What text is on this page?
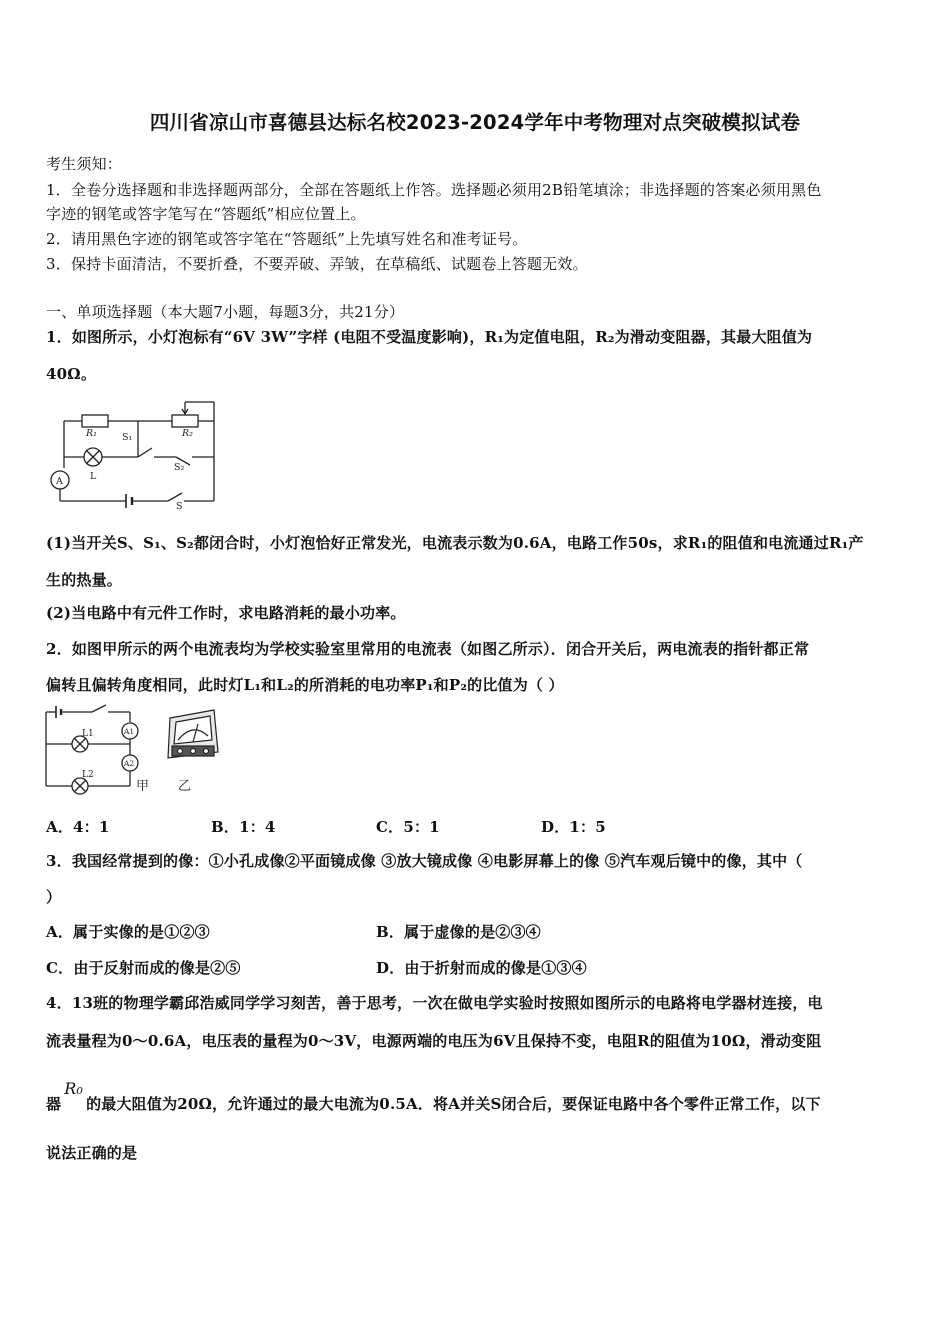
四川省凉山市喜德县达标名校2023-2024学年中考物理对点突破模拟试卷
考生须知：
1．全卷分选择题和非选择题两部分，全部在答题纸上作答。选择题必须用2B铅笔填涂；非选择题的答案必须用黑色
字迹的钢笔或答字笔写在“答题纸”相应位置上。
2．请用黑色字迹的钢笔或答字笔在“答题纸”上先填写姓名和准考证号。
3．保持卡面清洁，不要折叠，不要弄破、弄皱，在草稿纸、试题卷上答题无效。
一、单项选择题（本大题7小题，每题3分，共21分）
1．如图所示，小灯泡标有“6V 3W”字样 (电阻不受温度影响)，R₁为定值电阻，R₂为滑动变阻器，其最大阻值为
40Ω。
R₁	R₂
S₁
S₂
L
A
S
(1)当开关S、S₁、S₂都闭合时，小灯泡恰好正常发光，电流表示数为0.6A，电路工作50s，求R₁的阻值和电流通过R₁产
生的热量。
(2)当电路中有元件工作时，求电路消耗的最小功率。
2．如图甲所示的两个电流表均为学校实验室里常用的电流表（如图乙所示）．闭合开关后，两电流表的指针都正常
偏转且偏转角度相同，此时灯L₁和L₂的所消耗的电功率P₁和P₂的比值为（ ）
L1
L2
A1
A2
甲 乙
A．4：1	B．1：4	C．5：1	D．1：5
3．我国经常提到的像：①小孔成像②平面镜成像 ③放大镜成像 ④电影屏幕上的像 ⑤汽车观后镜中的像，其中（
）
A．属于实像的是①②③	B．属于虚像的是②③④
C．由于反射而成的像是②⑤	D．由于折射而成的像是①③④
4．13班的物理学霸邱浩威同学学习刻苦，善于思考，一次在做电学实验时按照如图所示的电路将电学器材连接，电
流表量程为0～0.6A，电压表的量程为0～3V，电源两端的电压为6V且保持不变，电阻R的阻值为10Ω，滑动变阻
器R₀的最大阻值为20Ω，允许通过的最大电流为0.5A．将A并关S闭合后，要保证电路中各个零件正常工作，以下
说法正确的是
